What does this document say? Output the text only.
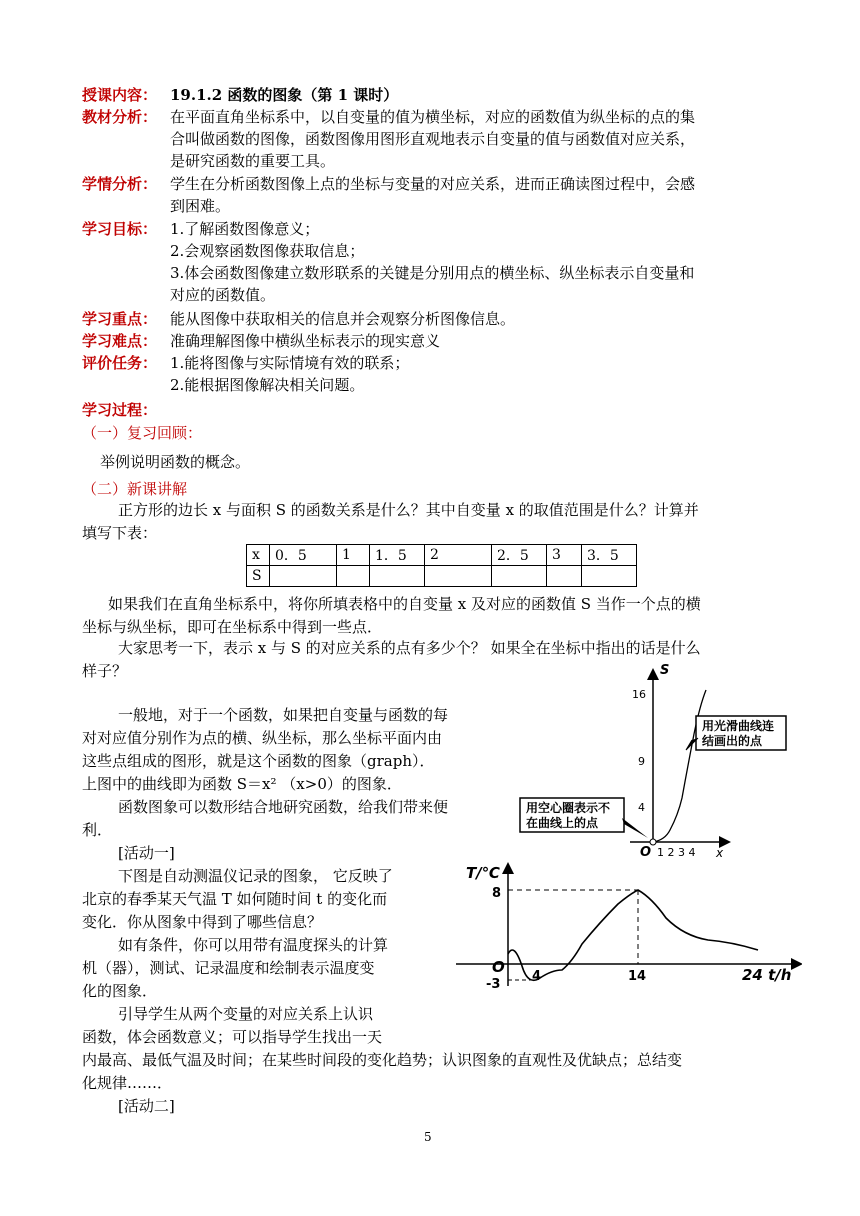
授课内容： 19.1.2 函数的图象（第 1 课时）
教材分析： 在平面直角坐标系中，以自变量的值为横坐标，对应的函数值为纵坐标的点的集
合叫做函数的图像，函数图像用图形直观地表示自变量的值与函数值对应关系，
是研究函数的重要工具。
学情分析： 学生在分析函数图像上点的坐标与变量的对应关系，进而正确读图过程中，会感
到困难。
学习目标： 1.了解函数图像意义；
2.会观察函数图像获取信息；
3.体会函数图像建立数形联系的关键是分别用点的横坐标、纵坐标表示自变量和
对应的函数值。
学习重点： 能从图像中获取相关的信息并会观察分析图像信息。
学习难点： 准确理解图像中横纵坐标表示的现实意义
评价任务： 1.能将图像与实际情境有效的联系；
2.能根据图像解决相关问题。
学习过程：
（一）复习回顾：
举例说明函数的概念。
（二）新课讲解
正方形的边长 x 与面积 S 的函数关系是什么？其中自变量 x 的取值范围是什么？计算并
填写下表：
x	0．5	1	1．5	2	2．5	3	3．5
S							
如果我们在直角坐标系中，将你所填表格中的自变量 x 及对应的函数值 S 当作一个点的横
坐标与纵坐标，即可在坐标系中得到一些点．
大家思考一下，表示 x 与 S 的对应关系的点有多少个？ 如果全在坐标中指出的话是什么
样子？
一般地，对于一个函数，如果把自变量与函数的每
对对应值分别作为点的横、纵坐标，那么坐标平面内由
这些点组成的图形，就是这个函数的图象（graph）．
上图中的曲线即为函数 S＝x² （x>0）的图象．
函数图象可以数形结合地研究函数，给我们带来便
利．
[活动一]
下图是自动测温仪记录的图象， 它反映了
北京的春季某天气温 T 如何随时间 t 的变化而
变化．你从图象中得到了哪些信息？
如有条件，你可以用带有温度探头的计算
机（器），测试、记录温度和绘制表示温度变
化的图象．
引导学生从两个变量的对应关系上认识
函数，体会函数意义；可以指导学生找出一天
内最高、最低气温及时间；在某些时间段的变化趋势；认识图象的直观性及优缺点；总结变
化规律……．
[活动二]
S
x
O
16
9
4
1 2 3 4
用光滑曲线连
结画出的点
用空心圈表示不
在曲线上的点
T/℃
8
-3
O
4	14	24 t/h
5
